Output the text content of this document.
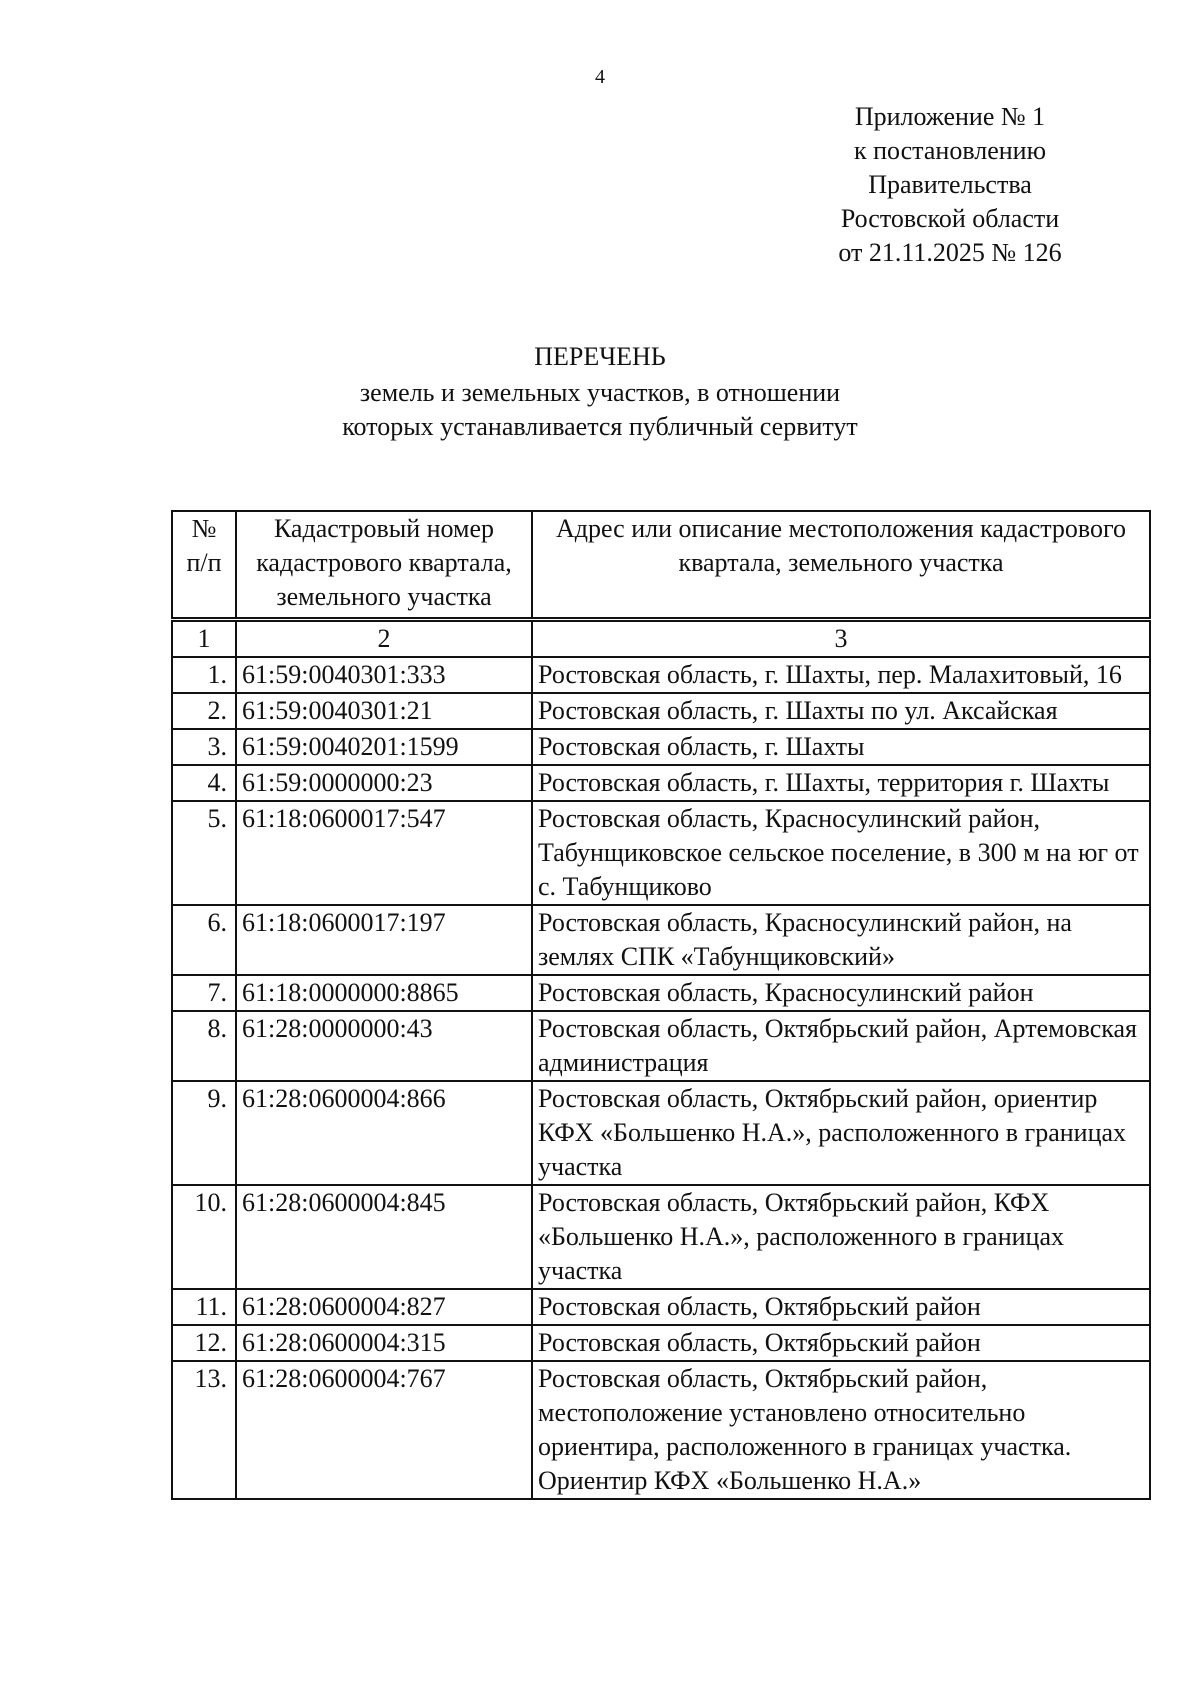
4
Приложение № 1
к постановлению
Правительства
Ростовской области
от 21.11.2025 № 126
ПЕРЕЧЕНЬ
земель и земельных участков, в отношении
которых устанавливается публичный сервитут
№ п/п	Кадастровый номер кадастрового квартала, земельного участка	Адрес или описание местоположения кадастрового квартала, земельного участка
1	2	3
1.	61:59:0040301:333	Ростовская область, г. Шахты, пер. Малахитовый, 16
2.	61:59:0040301:21	Ростовская область, г. Шахты по ул. Аксайская
3.	61:59:0040201:1599	Ростовская область, г. Шахты
4.	61:59:0000000:23	Ростовская область, г. Шахты, территория г. Шахты
5.	61:18:0600017:547	Ростовская область, Красносулинский район, Табунщиковское сельское поселение, в 300 м на юг от с. Табунщиково
6.	61:18:0600017:197	Ростовская область, Красносулинский район, на землях СПК «Табунщиковский»
7.	61:18:0000000:8865	Ростовская область, Красносулинский район
8.	61:28:0000000:43	Ростовская область, Октябрьский район, Артемовская администрация
9.	61:28:0600004:866	Ростовская область, Октябрьский район, ориентир КФХ «Большенко Н.А.», расположенного в границах участка
10.	61:28:0600004:845	Ростовская область, Октябрьский район, КФХ «Большенко Н.А.», расположенного в границах участка
11.	61:28:0600004:827	Ростовская область, Октябрьский район
12.	61:28:0600004:315	Ростовская область, Октябрьский район
13.	61:28:0600004:767	Ростовская область, Октябрьский район, местоположение установлено относительно ориентира, расположенного в границах участка. Ориентир КФХ «Большенко Н.А.»
